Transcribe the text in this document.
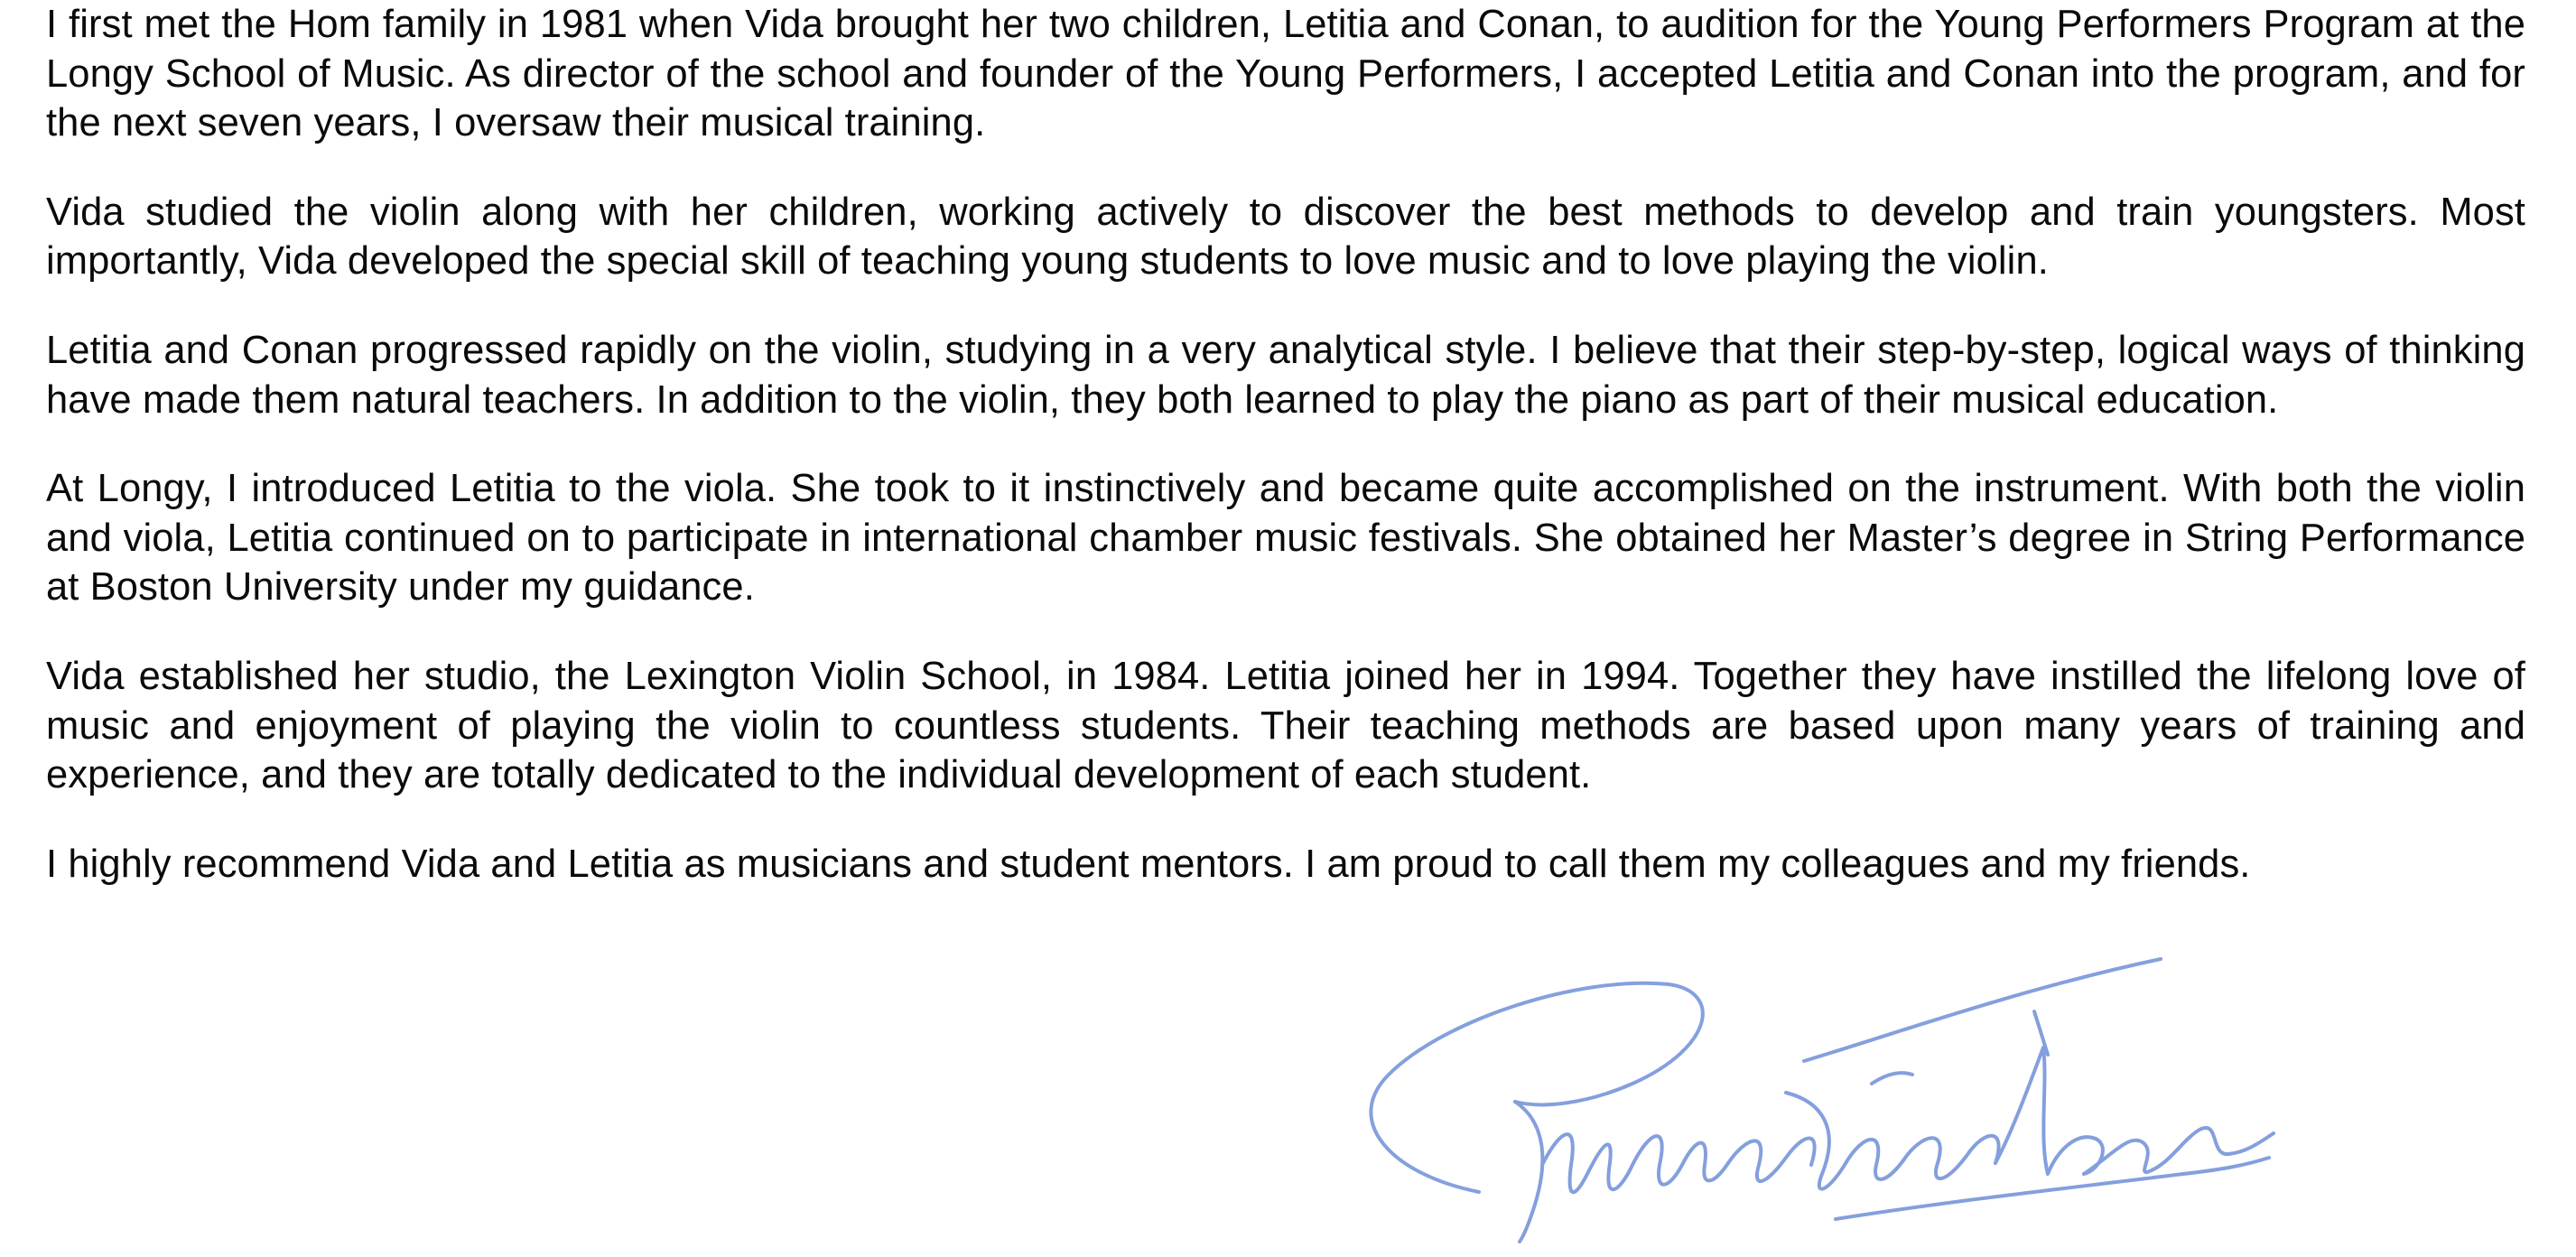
I first met the Hom family in 1981 when Vida brought her two children, Letitia and Conan, to audition for the Young Performers Program at the Longy School of Music. As director of the school and founder of the Young Performers, I accepted Letitia and Conan into the program, and for the next seven years, I oversaw their musical training.

Vida studied the violin along with her children, working actively to discover the best methods to develop and train youngsters. Most importantly, Vida developed the special skill of teaching young students to love music and to love playing the violin.

Letitia and Conan progressed rapidly on the violin, studying in a very analytical style. I believe that their step-by-step, logical ways of thinking have made them natural teachers. In addition to the violin, they both learned to play the piano as part of their musical education.

At Longy, I introduced Letitia to the viola. She took to it instinctively and became quite accomplished on the instrument. With both the violin and viola, Letitia continued on to participate in international chamber music festivals. She obtained her Master’s degree in String Performance at Boston University under my guidance.

Vida established her studio, the Lexington Violin School, in 1984. Letitia joined her in 1994. Together they have instilled the lifelong love of music and enjoyment of playing the violin to countless students. Their teaching methods are based upon many years of training and experience, and they are totally dedicated to the individual development of each student.

I highly recommend Vida and Letitia as musicians and student mentors. I am proud to call them my colleagues and my friends.
